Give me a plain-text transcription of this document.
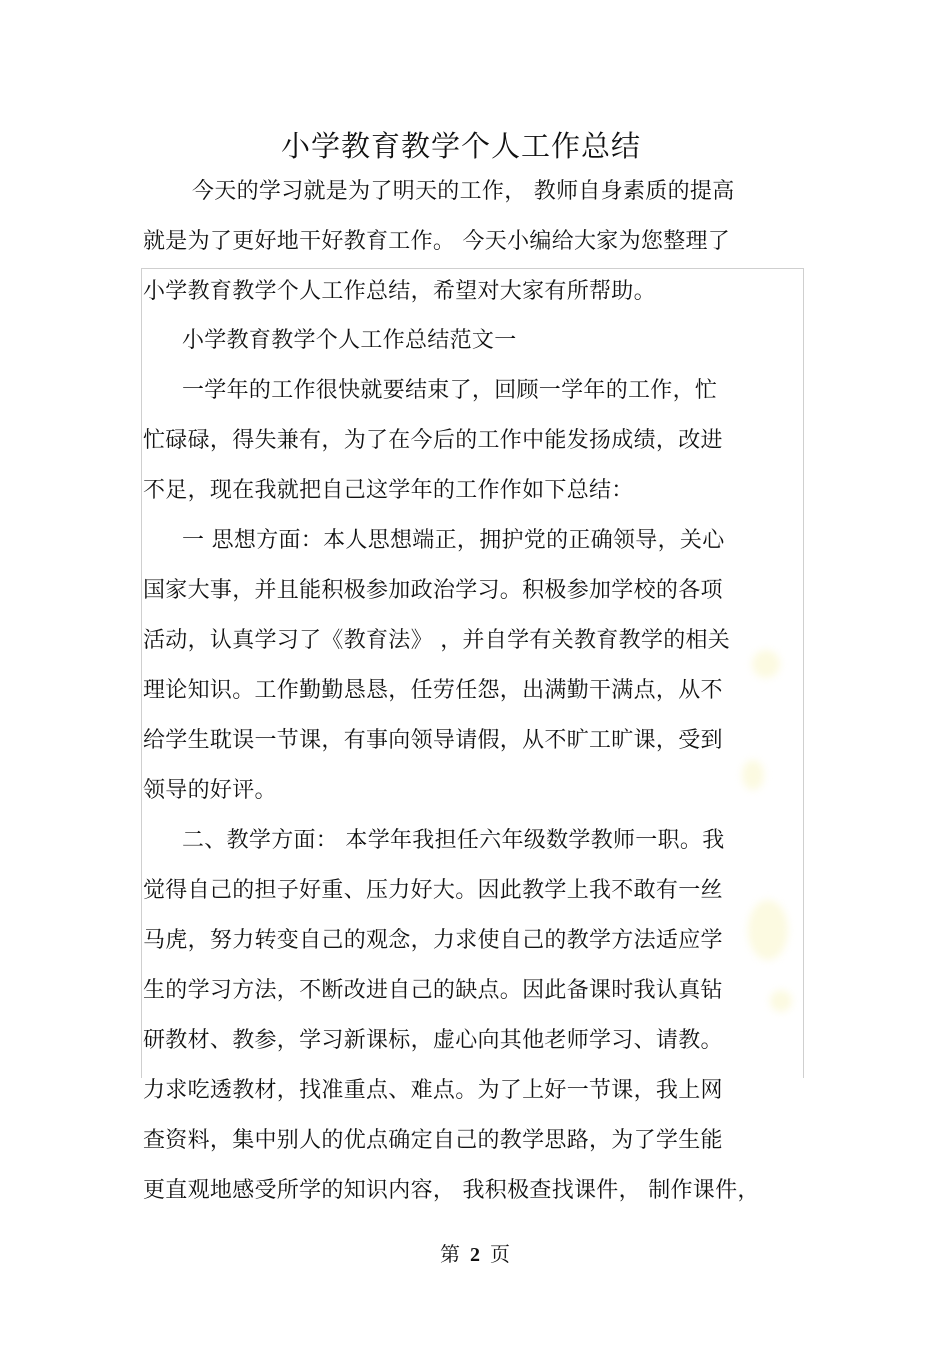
小学教育教学个人工作总结
今天的学习就是为了明天的工作， 教师自身素质的提高
就是为了更好地干好教育工作。 今天小编给大家为您整理了
小学教育教学个人工作总结，希望对大家有所帮助。
小学教育教学个人工作总结范文一
一学年的工作很快就要结束了，回顾一学年的工作，忙
忙碌碌，得失兼有，为了在今后的工作中能发扬成绩，改进
不足，现在我就把自己这学年的工作作如下总结：
一 思想方面：本人思想端正，拥护党的正确领导，关心
国家大事，并且能积极参加政治学习。积极参加学校的各项
活动，认真学习了《教育法》 ，并自学有关教育教学的相关
理论知识。工作勤勤恳恳，任劳任怨，出满勤干满点，从不
给学生耽误一节课，有事向领导请假，从不旷工旷课，受到
领导的好评。
二、教学方面： 本学年我担任六年级数学教师一职。我
觉得自己的担子好重、压力好大。因此教学上我不敢有一丝
马虎，努力转变自己的观念，力求使自己的教学方法适应学
生的学习方法，不断改进自己的缺点。因此备课时我认真钻
研教材、教参，学习新课标，虚心向其他老师学习、请教。
力求吃透教材，找准重点、难点。为了上好一节课，我上网
查资料，集中别人的优点确定自己的教学思路，为了学生能
更直观地感受所学的知识内容， 我积极查找课件， 制作课件，
第 2 页
